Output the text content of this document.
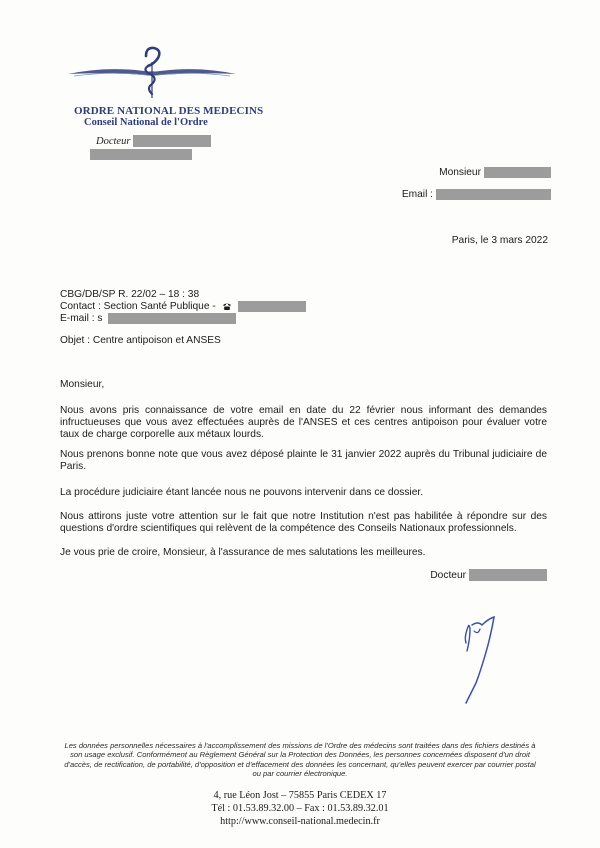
ORDRE NATIONAL DES MEDECINS
Conseil National de l'Ordre
Docteur
Monsieur
Email :
Paris, le 3 mars 2022
CBG/DB/SP R. 22/02 – 18 : 38
Contact : Section Santé Publique -
E-mail : s
Objet : Centre antipoison et ANSES
Monsieur,
Nous avons pris connaissance de votre email en date du 22 février nous informant des demandes infructueuses que vous avez effectuées auprès de l'ANSES et ces centres antipoison pour évaluer votre taux de charge corporelle aux métaux lourds.
Nous prenons bonne note que vous avez déposé plainte le 31 janvier 2022 auprès du Tribunal judiciaire de Paris.
La procédure judiciaire étant lancée nous ne pouvons intervenir dans ce dossier.
Nous attirons juste votre attention sur le fait que notre Institution n'est pas habilitée à répondre sur des questions d'ordre scientifiques qui relèvent de la compétence des Conseils Nationaux professionnels.
Je vous prie de croire, Monsieur, à l'assurance de mes salutations les meilleures.
Docteur
Les données personnelles nécessaires à l'accomplissement des missions de l'Ordre des médecins sont traitées dans des fichiers destinés à son usage exclusif. Conformément au Règlement Général sur la Protection des Données, les personnes concernées disposent d'un droit d'accès, de rectification, de portabilité, d'opposition et d'effacement des données les concernant, qu'elles peuvent exercer par courrier postal ou par courrier électronique.
4, rue Léon Jost – 75855 Paris CEDEX 17
Tél : 01.53.89.32.00 – Fax : 01.53.89.32.01
http://www.conseil-national.medecin.fr
